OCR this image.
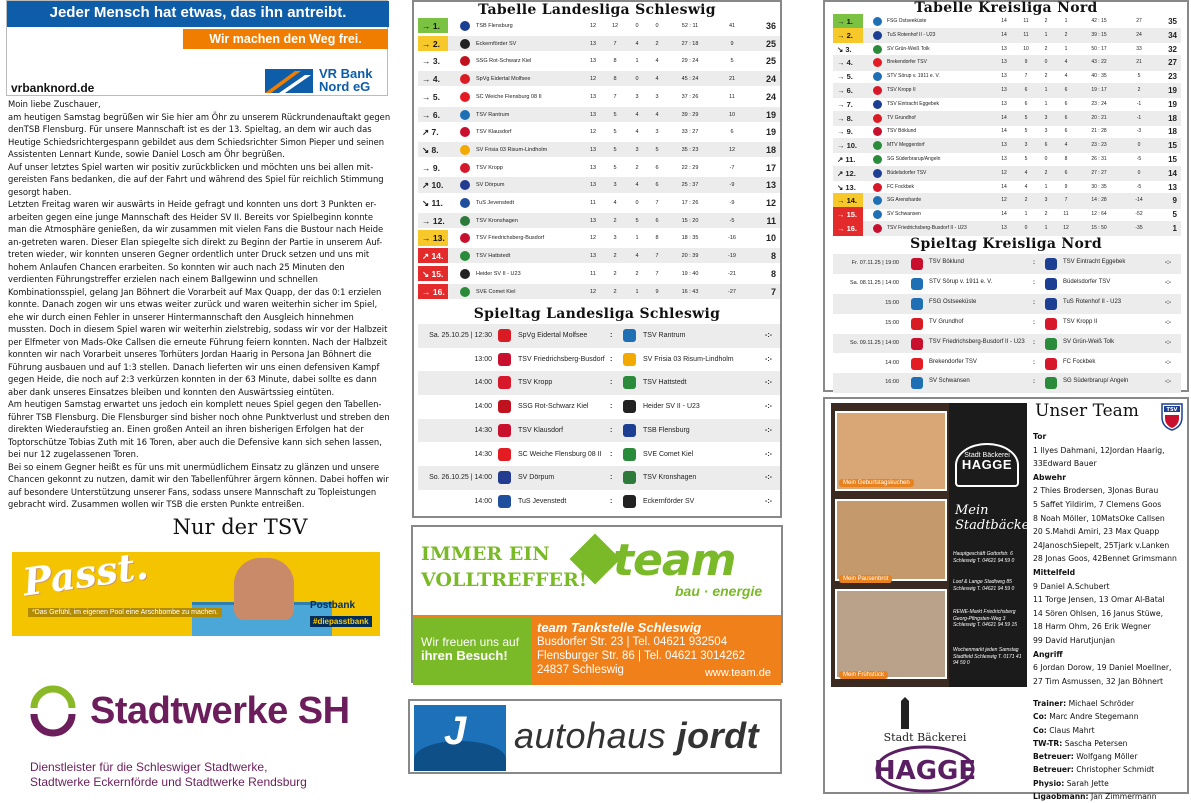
Jeder Mensch hat etwas, das ihn antreibt.
Wir machen den Weg frei.
vrbanknord.de
VR Bank
Nord eG

Moin liebe Zuschauer,

am heutigen Samstag begrüßen wir Sie hier am Öhr zu unserem Rückrundenauftakt gegen denTSB Flensburg. Für unsere Mannschaft ist es der 13. Spieltag, an dem wir auch das Heutige Schiedsrichtergespann gebildet aus dem Schiedsrichter Simon Pieper und seinen Assistenten Lennart Kunde, sowie Daniel Losch am Öhr begrüßen.

Auf unser letztes Spiel warten wir positiv zurückblicken und möchten uns bei allen mit-gereisten Fans bedanken, die auf der Fahrt und während des Spiel für reichlich Stimmung gesorgt haben.

Letzten Freitag waren wir auswärts in Heide gefragt und konnten uns dort 3 Punkten er-arbeiten gegen eine junge Mannschaft des Heider SV II. Bereits vor Spielbeginn konnte man die Atmosphäre genießen, da wir zusammen mit vielen Fans die Bustour nach Heide an-getreten waren. Dieser Elan spiegelte sich direkt zu Beginn der Partie in unserem Auf-treten wieder, wir konnten unseren Gegner ordentlich unter Druck setzen und uns mit hohem Anlaufen Chancen erarbeiten. So konnten wir auch nach 25 Minuten den verdienten Führungstreffer erzielen nach einem Ballgewinn und schnellen Kombinationsspiel, gelang Jan Böhnert die Vorarbeit auf Max Quapp, der das 0:1 erzielen konnte. Danach zogen wir uns etwas weiter zurück und waren weiterhin sicher im Spiel, ehe wir durch einen Fehler in unserer Hintermannschaft den Ausgleich hinnehmen mussten. Doch in diesem Spiel waren wir weiterhin zielstrebig, sodass wir vor der Halbzeit per Elfmeter von Mads-Oke Callsen die erneute Führung feiern konnten. Nach der Halbzeit konnten wir nach Vorarbeit unseres Torhüters Jordan Haarig in Persona Jan Böhnert die Führung ausbauen und auf 1:3 stellen. Danach lieferten wir uns einen defensiven Kampf gegen Heide, die noch auf 2:3 verkürzen konnten in der 63 Minute, dabei sollte es dann aber dank unseres Einsatzes bleiben und konnten den Auswärtssieg eintüten.

Am heutigen Samstag erwartet uns jedoch ein komplett neues Spiel gegen den Tabellen-führer TSB Flensburg. Die Flensburger sind bisher noch ohne Punktverlust und streben den direkten Wiederaufstieg an. Einen großen Anteil an ihren bisherigen Erfolgen hat der Toptorschütze Tobias Zuth mit 16 Toren, aber auch die Defensive kann sich sehen lassen, bei nur 12 zugelassenen Toren.

Bei so einem Gegner heißt es für uns mit unermüdlichem Einsatz zu glänzen und unsere Chancen gekonnt zu nutzen, damit wir den Tabellenführer ärgern können. Dabei hoffen wir auf besondere Unterstützung unserer Fans, sodass unsere Mannschaft zu Topleistungen gebracht wird. Zusammen wollen wir TSB die ersten Punkte entreißen.

Nur der TSV
Passt.
*Das Gefühl, im eigenen Pool eine Arschbombe zu machen.
Postbank
#diepasstbank
Stadtwerke SH
Dienstleister für die Schleswiger Stadtwerke,
Stadtwerke Eckernförde und Stadtwerke Rendsburg
Tabelle Landesliga Schleswig
→ 1.	TSB Flensburg	12	12	0	0	52 : 11	41	36
→ 2.	Eckernförder SV	13	7	4	2	27 : 18	9	25
→ 3.	SSG Rot-Schwarz Kiel	13	8	1	4	29 : 24	5	25
→ 4.	SpVg Eidertal Molfsee	12	8	0	4	45 : 24	21	24
→ 5.	SC Weiche Flensburg 08 II	13	7	3	3	37 : 26	11	24
→ 6.	TSV Rantrum	13	5	4	4	39 : 29	10	19
↗ 7.	TSV Klausdorf	12	5	4	3	33 : 27	6	19
↘ 8.	SV Frisia 03 Risum-Lindholm	13	5	3	5	35 : 23	12	18
→ 9.	TSV Kropp	13	5	2	6	22 : 29	-7	17
↗ 10.	SV Dörpum	13	3	4	6	25 : 37	-9	13
↘ 11.	TuS Jevenstedt	11	4	0	7	17 : 26	-9	12
→ 12.	TSV Kronshagen	13	2	5	6	15 : 20	-5	11
→ 13.	TSV Friedrichsberg-Busdorf	12	3	1	8	18 : 35	-16	10
↗ 14.	TSV Hattstedt	13	2	4	7	20 : 39	-19	8
↘ 15.	Heider SV II - U23	11	2	2	7	19 : 40	-21	8
→ 16.	SVE Comet Kiel	12	2	1	9	16 : 43	-27	7
Spieltag Landesliga Schleswig
Sa. 25.10.25 | 12:30	SpVg Eidertal Molfsee	:	TSV Rantrum	-:-
13:00	TSV Friedrichsberg-Busdorf :	SV Frisia 03 Risum-Lindholm	-:-
14:00	TSV Kropp	:	TSV Hattstedt	-:-
14:00	SSG Rot-Schwarz Kiel	:	Heider SV II - U23	-:-
14:30	TSV Klausdorf	:	TSB Flensburg	-:-
14:30	SC Weiche Flensburg 08 II	:	SVE Comet Kiel	-:-
So. 26.10.25 | 14:00	SV Dörpum	:	TSV Kronshagen	-:-
14:00	TuS Jevenstedt	:	Eckernförder SV	-:-
IMMER EIN
VOLLTREFFER! team
bau · energie
Wir freuen uns auf
ihren Besuch!
team Tankstelle Schleswig
Busdorfer Str. 23 | Tel. 04621 932504
Flensburger Str. 86 | Tel. 04621 3014262
24837 Schleswig	www.team.de
J autohaus jordt
Tabelle Kreisliga Nord
→ 1.	FSG Ostseeküste	14	11	2	1	42 : 15	27	35
→ 2.	TuS Rotenhof II - U23	14	11	1	2	39 : 15	24	34
↘ 3.	SV Grün-Weiß Tolk	13	10	2	1	50 : 17	33	32
→ 4.	Brekendorfer TSV	13	9	0	4	43 : 22	21	27
→ 5.	STV Sörup v. 1911 e. V.	13	7	2	4	40 : 35	5	23
→ 6.	TSV Kropp II	13	6	1	6	19 : 17	2	19
→ 7.	TSV Eintracht Eggebek	13	6	1	6	23 : 24	-1	19
→ 8.	TV Grundhof	14	5	3	6	20 : 21	-1	18
→ 9.	TSV Böklund	14	5	3	6	21 : 28	-3	18
→ 10.	MTV Meggerdorf	13	3	6	4	23 : 23	0	15
↗ 11.	SG Süderbrarup/Angeln	13	5	0	8	26 : 31	-5	15
↗ 12.	Büdelsdorfer TSV	12	4	2	6	27 : 27	0	14
↘ 13.	FC Fockbek	14	4	1	9	30 : 35	-5	13
→ 14.	SG Arensharde	12	2	3	7	14 : 28	-14	9
→ 15.	SV Schwansen	14	1	2	11	12 : 64	-52	5
→ 16.	TSV Friedrichsberg-Busdorf II - U23	13	0	1	12	15 : 50	-35	1
Spieltag Kreisliga Nord
Fr. 07.11.25 | 19:00	TSV Böklund	:	TSV Eintracht Eggebek	-:-
Sa. 08.11.25 | 14:00	STV Sörup v. 1911 e. V.	:	Büdelsdorfer TSV	-:-
15:00	FSG Ostseeküste	:	TuS Rotenhof II - U23	-:-
15:00	TV Grundhof	:	TSV Kropp II	-:-
So. 09.11.25 | 14:00	TSV Friedrichsberg-Busdorf II - U23	:	SV Grün-Weiß Tolk	-:-
14:00	Brekendorfer TSV	:	FC Fockbek	-:-
16:00	SV Schwansen	:	SG Süderbrarup/ Angeln	-:-
Mein Geburtstagskuchen
Mein Pausenbrot
Mein Frühstück
Stadt Bäckerei
HAGGE
Mein
Stadtbäcker.
Hauptgeschäft Gottorfstr. 6 Schleswig T. 04621 94 59 0
Loof & Lange Stadtweg 85 Schleswig T. 04621 94 59 0
REWE-Markt Friedrichsberg Georg-Pfingsten-Weg 3 Schleswig T. 04621 94 59 15
Wochenmarkt jeden Samstag Stadtfeld Schleswig T. 0171 41 94 59 0
Stadt Bäckerei
HAGGE
Unser Team	TSV
Tor
1 Ilyes Dahmani, 12Jordan Haarig,
33Edward Bauer
Abwehr
2 Thies Brodersen, 3Jonas Burau
5 Saffet Yildirim, 7 Clemens Goos
8 Noah Möller, 10MatsOke Callsen
20 S.Mahdi Amiri, 23 Max Quapp
24JanoschSiepelt, 25Tjark v.Lanken
28 Jonas Goos, 42Bennet Grimsmann
Mittelfeld
9 Daniel A.Schubert
11 Torge Jensen, 13 Omar Al-Batal
14 Sören Ohlsen, 16 Janus Stüwe,
18 Harm Ohm, 26 Erik Wegner
99 David Harutjunjan
Angriff
6 Jordan Dorow, 19 Daniel Moellner,
27 Tim Asmussen, 32 Jan Böhnert
Trainer: Michael Schröder
Co: Marc Andre Stegemann
Co: Claus Mahrt
TW-TR: Sascha Petersen
Betreuer: Wolfgang Möller
Betreuer: Christopher Schmidt
Physio: Sarah Jette
Ligaobmann: Jan Zimmermann
